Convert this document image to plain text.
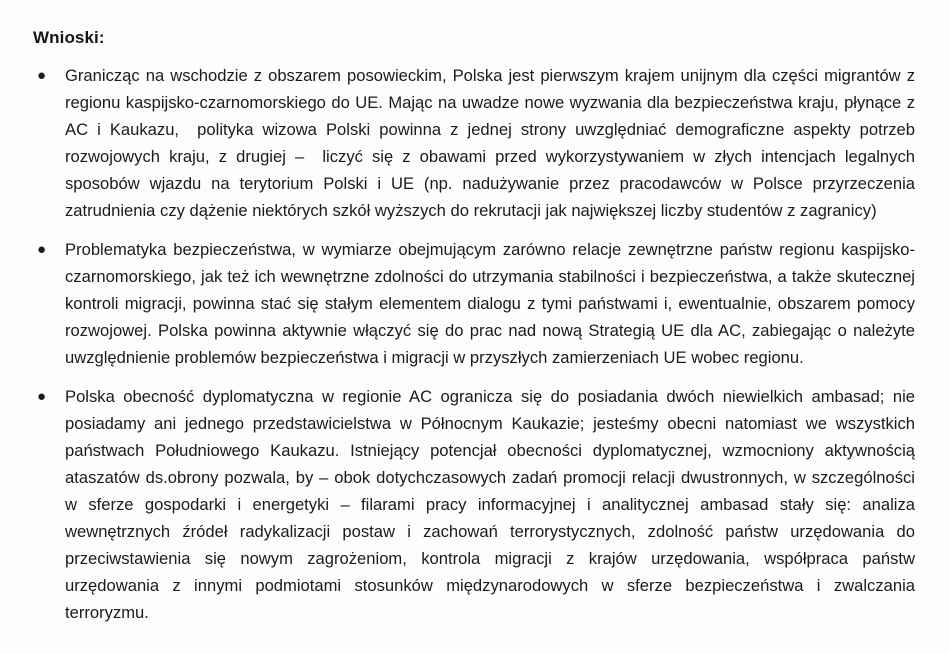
Wnioski:
● Granicząc na wschodzie z obszarem posowieckim, Polska jest pierwszym krajem unijnym dla części migrantów z regionu kaspijsko-czarnomorskiego do UE. Mając na uwadze nowe wyzwania dla bezpieczeństwa kraju, płynące z AC i Kaukazu,  polityka wizowa Polski powinna z jednej strony uwzględniać demograficzne aspekty potrzeb rozwojowych kraju, z drugiej –  liczyć się z obawami przed wykorzystywaniem w złych intencjach legalnych sposobów wjazdu na terytorium Polski i UE (np. nadużywanie przez pracodawców w Polsce przyrzeczenia zatrudnienia czy dążenie niektórych szkół wyższych do rekrutacji jak największej liczby studentów z zagranicy)
● Problematyka bezpieczeństwa, w wymiarze obejmującym zarówno relacje zewnętrzne państw regionu kaspijsko-czarnomorskiego, jak też ich wewnętrzne zdolności do utrzymania stabilności i bezpieczeństwa, a także skutecznej kontroli migracji, powinna stać się stałym elementem dialogu z tymi państwami i, ewentualnie, obszarem pomocy rozwojowej. Polska powinna aktywnie włączyć się do prac nad nową Strategią UE dla AC, zabiegając o należyte uwzględnienie problemów bezpieczeństwa i migracji w przyszłych zamierzeniach UE wobec regionu.
● Polska obecność dyplomatyczna w regionie AC ogranicza się do posiadania dwóch niewielkich ambasad; nie posiadamy ani jednego przedstawicielstwa w Północnym Kaukazie; jesteśmy obecni natomiast we wszystkich państwach Południowego Kaukazu. Istniejący potencjał obecności dyplomatycznej, wzmocniony aktywnością ataszatów ds.obrony pozwala, by – obok dotychczasowych zadań promocji relacji dwustronnych, w szczególności w sferze gospodarki i energetyki – filarami pracy informacyjnej i analitycznej ambasad stały się: analiza wewnętrznych źródeł radykalizacji postaw i zachowań terrorystycznych, zdolność państw urzędowania do przeciwstawienia się nowym zagrożeniom, kontrola migracji z krajów urzędowania, współpraca państw urzędowania z innymi podmiotami stosunków międzynarodowych w sferze bezpieczeństwa i zwalczania terroryzmu.
